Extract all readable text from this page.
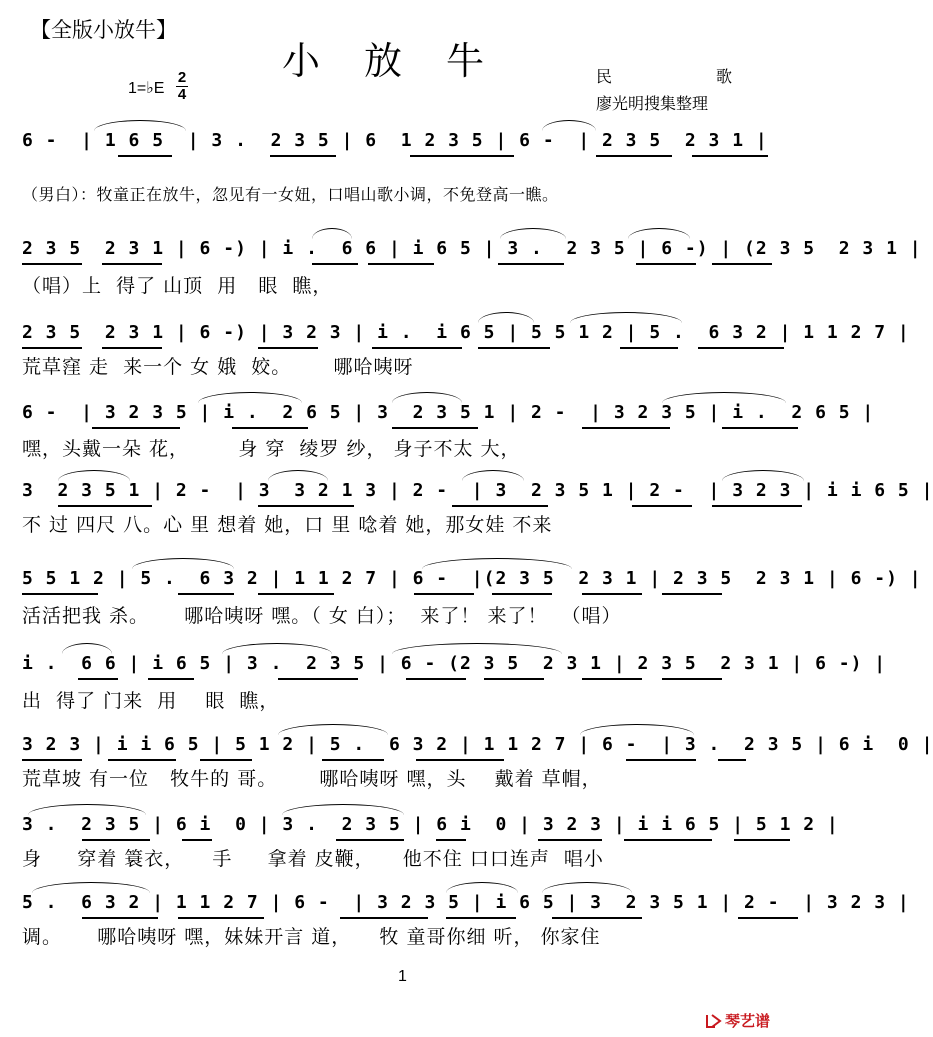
【全版小放牛】
小放牛
1=♭E
2
4
民歌
廖光明搜集整理
6 -  | 1 6 5  | 3 .  2 3 5 | 6  1 2 3 5 | 6 -  | 2 3 5  2 3 1 |
（男白）：牧童正在放牛，忽见有一女妞，口唱山歌小调，不免登高一瞧。
2 3 5  2 3 1 | 6 -) | i .  6 6 | i 6 5 | 3 .  2 3 5 | 6 -) | (2 3 5  2 3 1 |
（唱）上  得了 山顶  用   眼  瞧，
2 3 5  2 3 1 | 6 -) | 3 2 3 | i .  i 6 5 | 5 5 1 2 | 5 .  6 3 2 | 1 1 2 7 |
荒草窪 走  来一个 女 娥  姣。      哪哈咦呀
6 -  | 3 2 3 5 | i .  2 6 5 | 3  2 3 5 1 | 2 -  | 3 2 3 5 | i .  2 6 5 |
嘿，头戴一朵 花，       身 穿  绫罗 纱， 身子不太 大，
3  2 3 5 1 | 2 -  | 3  3 2 1 3 | 2 -  | 3  2 3 5 1 | 2 -  | 3 2 3 | i i 6 5 |
不 过 四尺 八。心 里 想着 她，口 里 唸着 她，那女娃 不来
5 5 1 2 | 5 .  6 3 2 | 1 1 2 7 | 6 -  |(2 3 5  2 3 1 | 2 3 5  2 3 1 | 6 -) |
活活把我 杀。     哪哈咦呀 嘿。（ 女 白）；  来了！ 来了！  （唱）
i .  6 6 | i 6 5 | 3 .  2 3 5 | 6 - (2 3 5  2 3 1 | 2 3 5  2 3 1 | 6 -) |
出  得了 门来  用    眼  瞧，
3 2 3 | i i 6 5 | 5 1 2 | 5 .  6 3 2 | 1 1 2 7 | 6 -  | 3 .  2 3 5 | 6 i  0 |
荒草坡 有一位   牧牛的 哥。      哪哈咦呀 嘿，头    戴着 草帽，
3 .  2 3 5 | 6 i  0 | 3 .  2 3 5 | 6 i  0 | 3 2 3 | i i 6 5 | 5 1 2 |
身     穿着 簑衣，    手     拿着 皮鞭，    他不住 口口连声  唱小
5 .  6 3 2 | 1 1 2 7 | 6 -  | 3 2 3 5 | i 6 5 | 3  2 3 5 1 | 2 -  | 3 2 3 |
调。     哪哈咦呀 嘿，妹妹开言 道，    牧 童哥你细 听， 你家住
1
琴艺谱
